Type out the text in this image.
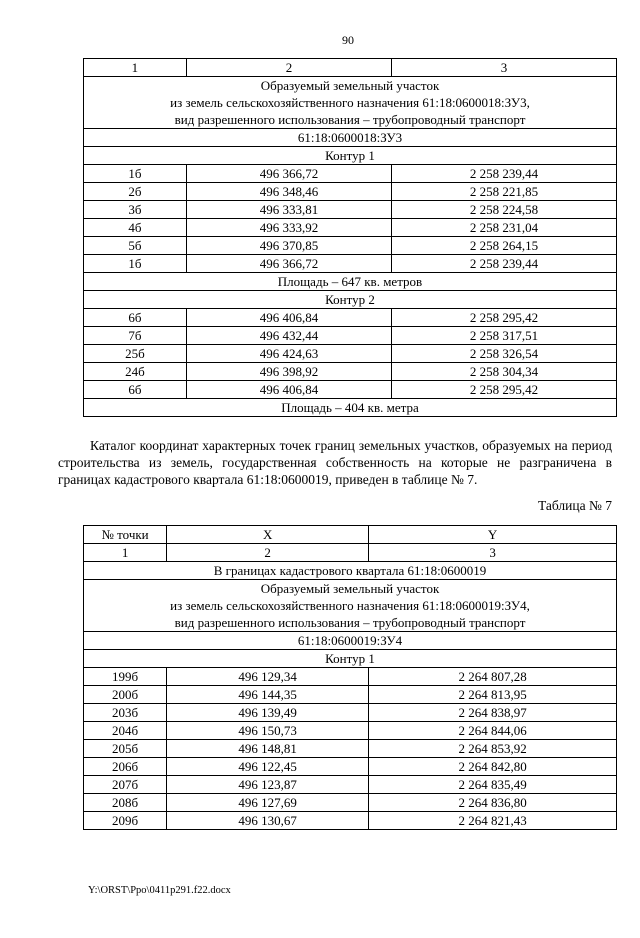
90
1	2	3

Образуемый земельный участок
из земель сельскохозяйственного назначения 61:18:0600018:ЗУ3,
вид разрешенного использования – трубопроводный транспорт		

61:18:0600018:ЗУ3		
Контур 1		
1б	496 366,72	2 258 239,44
2б	496 348,46	2 258 221,85
3б	496 333,81	2 258 224,58
4б	496 333,92	2 258 231,04
5б	496 370,85	2 258 264,15
1б	496 366,72	2 258 239,44
Площадь – 647 кв. метров		
Контур 2		
6б	496 406,84	2 258 295,42
7б	496 432,44	2 258 317,51
25б	496 424,63	2 258 326,54
24б	496 398,92	2 258 304,34
6б	496 406,84	2 258 295,42
Площадь – 404 кв. метра		

Каталог координат характерных точек границ земельных участков, образуемых на период строительства из земель, государственная собственность на которые не разграничена в границах кадастрового квартала 61:18:0600019, приведен в таблице № 7.

Таблица № 7
№ точки	X	Y
1	2	3
В границах кадастрового квартала 61:18:0600019		

Образуемый земельный участок
из земель сельскохозяйственного назначения 61:18:0600019:ЗУ4,
вид разрешенного использования – трубопроводный транспорт		

61:18:0600019:ЗУ4		
Контур 1		
199б	496 129,34	2 264 807,28
200б	496 144,35	2 264 813,95
203б	496 139,49	2 264 838,97
204б	496 150,73	2 264 844,06
205б	496 148,81	2 264 853,92
206б	496 122,45	2 264 842,80
207б	496 123,87	2 264 835,49
208б	496 127,69	2 264 836,80
209б	496 130,67	2 264 821,43
Y:\ORST\Ppo\0411p291.f22.docx
